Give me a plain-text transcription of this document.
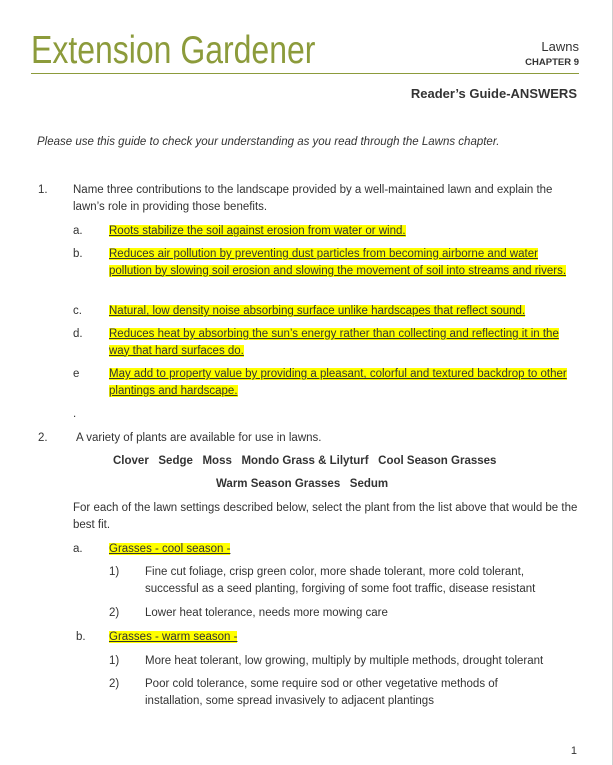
Extension Gardener	Lawns
CHAPTER 9
Reader’s Guide-ANSWERS
Please use this guide to check your understanding as you read through the Lawns chapter.
1. Name three contributions to the landscape provided by a well-maintained lawn and explain the lawn’s role in providing those benefits.
a. Roots stabilize the soil against erosion from water or wind.
b. Reduces air pollution by preventing dust particles from becoming airborne and water pollution by slowing soil erosion and slowing the movement of soil into streams and rivers.
c. Natural, low density noise absorbing surface unlike hardscapes that reflect sound.
d. Reduces heat by absorbing the sun’s energy rather than collecting and reflecting it in the way that hard surfaces do.
e	May add to property value by providing a pleasant, colorful and textured backdrop to other plantings and hardscape.
.
2. A variety of plants are available for use in lawns.
Clover   Sedge   Moss   Mondo Grass & Lilyturf   Cool Season Grasses
Warm Season Grasses   Sedum
For each of the lawn settings described below, select the plant from the list above that would be the best fit.
a. Grasses - cool season -
1) Fine cut foliage, crisp green color, more shade tolerant, more cold tolerant, successful as a seed planting, forgiving of some foot traffic, disease resistant
2) Lower heat tolerance, needs more mowing care
b. Grasses - warm season -
1) More heat tolerant, low growing, multiply by multiple methods, drought tolerant
2) Poor cold tolerance, some require sod or other vegetative methods of installation, some spread invasively to adjacent plantings
1
